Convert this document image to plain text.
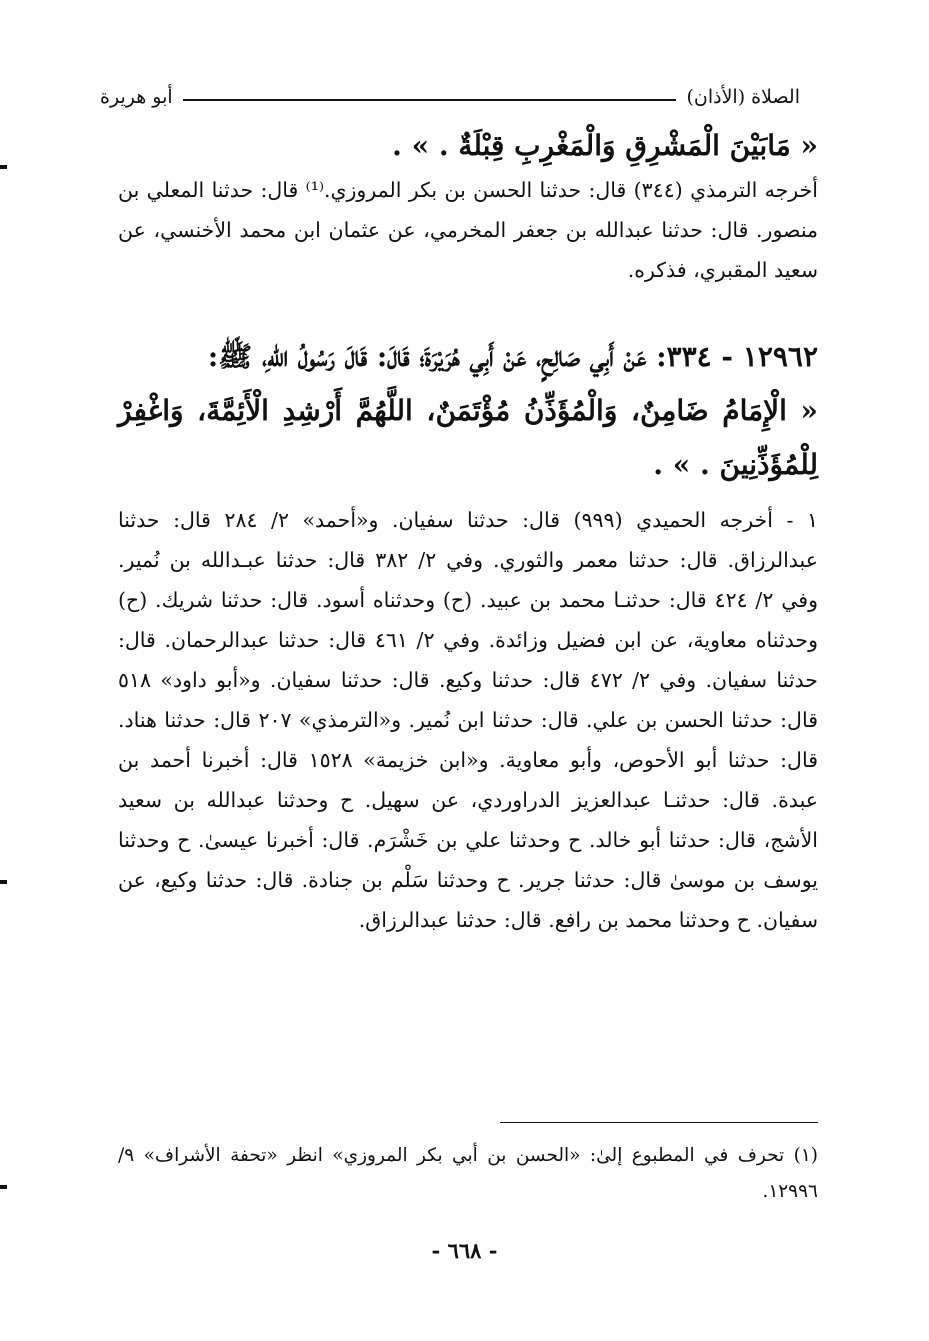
الصلاة (الأذان)
أبو هريرة

« مَابَيْنَ الْمَشْرِقِ وَالْمَغْرِبِ قِبْلَةٌ . » .

أخرجه الترمذي (٣٤٤) قال: حدثنا الحسن بن بكر المروزي.⁽¹⁾ قال: حدثنا المعلي بن منصور. قال: حدثنا عبدالله بن جعفر المخرمي، عن عثمان ابن محمد الأخنسي، عن سعيد المقبري، فذكره.

١٢٩٦٢ - ٣٣٤: عَنْ أَبِي صَالِحٍ، عَنْ أَبِي هُرَيْرَةَ؛ قَالَ: قَالَ رَسُولُ اللهِ، ﷺ:

« الْإِمَامُ ضَامِنٌ، وَالْمُؤَذِّنُ مُؤْتَمَنٌ، اللَّهُمَّ أَرْشِدِ الْأَئِمَّةَ، وَاغْفِرْ لِلْمُؤَذِّنِينَ . » .

١ - أخرجه الحميدي (٩٩٩) قال: حدثنا سفيان. و«أحمد» ٢/ ٢٨٤ قال: حدثنا عبدالرزاق. قال: حدثنا معمر والثوري. وفي ٢/ ٣٨٢ قال: حدثنا عبـدالله بن نُمير. وفي ٢/ ٤٢٤ قال: حدثنـا محمد بن عبيد. (ح) وحدثناه أسود. قال: حدثنا شريك. (ح) وحدثناه معاوية، عن ابن فضيل وزائدة. وفي ٢/ ٤٦١ قال: حدثنا عبدالرحمان. قال: حدثنا سفيان. وفي ٢/ ٤٧٢ قال: حدثنا وكيع. قال: حدثنا سفيان. و«أبو داود» ٥١٨ قال: حدثنا الحسن بن علي. قال: حدثنا ابن نُمير. و«الترمذي» ٢٠٧ قال: حدثنا هناد. قال: حدثنا أبو الأحوص، وأبو معاوية. و«ابن خزيمة» ١٥٢٨ قال: أخبرنا أحمد بن عبدة. قال: حدثنـا عبدالعزيز الدراوردي، عن سهيل. ح وحدثنا عبدالله بن سعيد الأشج، قال: حدثنا أبو خالد. ح وحدثنا علي بن خَشْرَم. قال: أخبرنا عيسىٰ. ح وحدثنا يوسف بن موسىٰ قال: حدثنا جرير. ح وحدثنا سَلْم بن جنادة. قال: حدثنا وكيع، عن سفيان. ح وحدثنا محمد بن رافع. قال: حدثنا عبدالرزاق.

(١) تحرف في المطبوع إلىٰ: «الحسن بن أبي بكر المروزي» انظر «تحفة الأشراف» ٩/ ١٢٩٩٦.

- ٦٦٨ -
